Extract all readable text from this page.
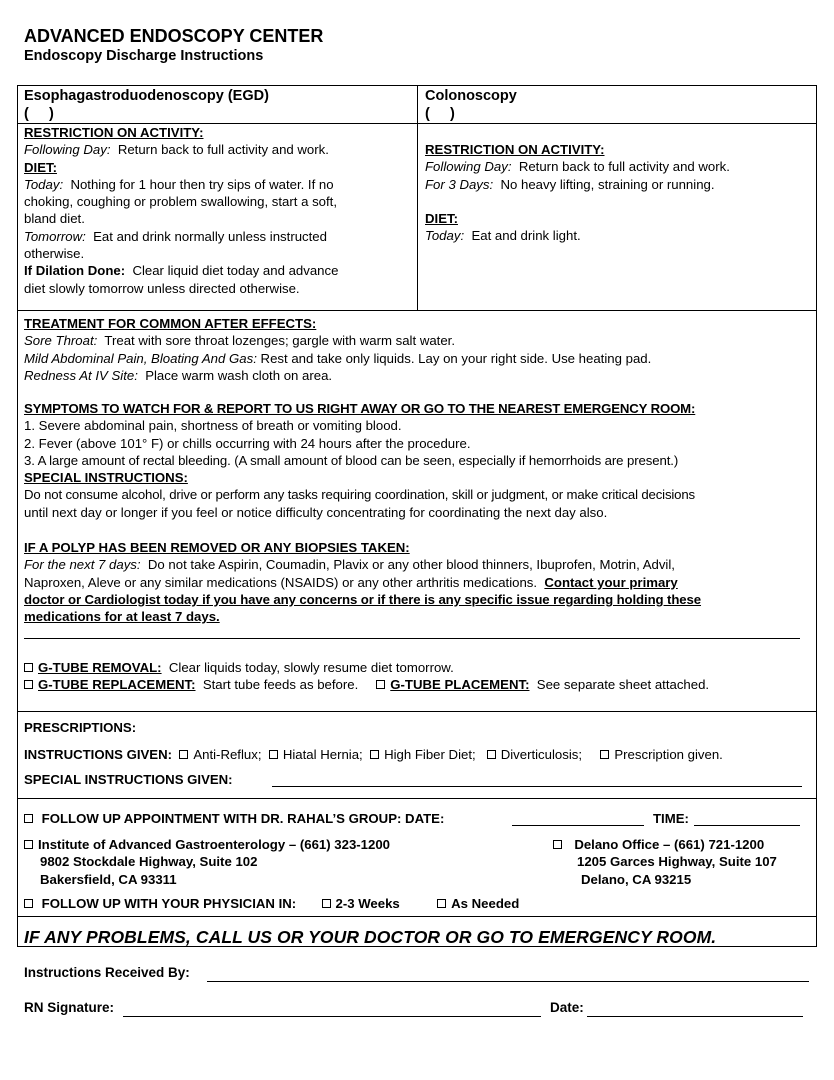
ADVANCED ENDOSCOPY CENTER
Endoscopy Discharge Instructions
Esophagastroduodenoscopy (EGD)
(     )
Colonoscopy
(     )
RESTRICTION ON ACTIVITY:
Following Day: Return back to full activity and work.
DIET:
Today: Nothing for 1 hour then try sips of water. If no
choking, coughing or problem swallowing, start a soft,
bland diet.
Tomorrow: Eat and drink normally unless instructed
otherwise.
If Dilation Done: Clear liquid diet today and advance
diet slowly tomorrow unless directed otherwise.
RESTRICTION ON ACTIVITY:
Following Day: Return back to full activity and work.
For 3 Days: No heavy lifting, straining or running.
DIET:
Today: Eat and drink light.
TREATMENT FOR COMMON AFTER EFFECTS:
Sore Throat: Treat with sore throat lozenges; gargle with warm salt water.
Mild Abdominal Pain, Bloating And Gas: Rest and take only liquids. Lay on your right side. Use heating pad.
Redness At IV Site: Place warm wash cloth on area.
SYMPTOMS TO WATCH FOR & REPORT TO US RIGHT AWAY OR GO TO THE NEAREST EMERGENCY ROOM:
1. Severe abdominal pain, shortness of breath or vomiting blood.
2. Fever (above 101° F) or chills occurring with 24 hours after the procedure.
3. A large amount of rectal bleeding. (A small amount of blood can be seen, especially if hemorrhoids are present.)
SPECIAL INSTRUCTIONS:
Do not consume alcohol, drive or perform any tasks requiring coordination, skill or judgment, or make critical decisions
until next day or longer if you feel or notice difficulty concentrating for coordinating the next day also.
IF A POLYP HAS BEEN REMOVED OR ANY BIOPSIES TAKEN:
For the next 7 days: Do not take Aspirin, Coumadin, Plavix or any other blood thinners, Ibuprofen, Motrin, Advil,
Naproxen, Aleve or any similar medications (NSAIDS) or any other arthritis medications. Contact your primary
doctor or Cardiologist today if you have any concerns or if there is any specific issue regarding holding these
medications for at least 7 days.
G-TUBE REMOVAL: Clear liquids today, slowly resume diet tomorrow.
G-TUBE REPLACEMENT: Start tube feeds as before. G-TUBE PLACEMENT: See separate sheet attached.
PRESCRIPTIONS:
INSTRUCTIONS GIVEN: Anti-Reflux; Hiatal Hernia; High Fiber Diet; Diverticulosis; Prescription given.
SPECIAL INSTRUCTIONS GIVEN:
FOLLOW UP APPOINTMENT WITH DR. RAHAL’S GROUP: DATE:	TIME:
Institute of Advanced Gastroenterology – (661) 323-1200
9802 Stockdale Highway, Suite 102
Bakersfield, CA 93311
Delano Office – (661) 721-1200
1205 Garces Highway, Suite 107
Delano, CA 93215
FOLLOW UP WITH YOUR PHYSICIAN IN:	2-3 Weeks	As Needed
IF ANY PROBLEMS, CALL US OR YOUR DOCTOR OR GO TO EMERGENCY ROOM.
Instructions Received By:
RN Signature:	Date:
